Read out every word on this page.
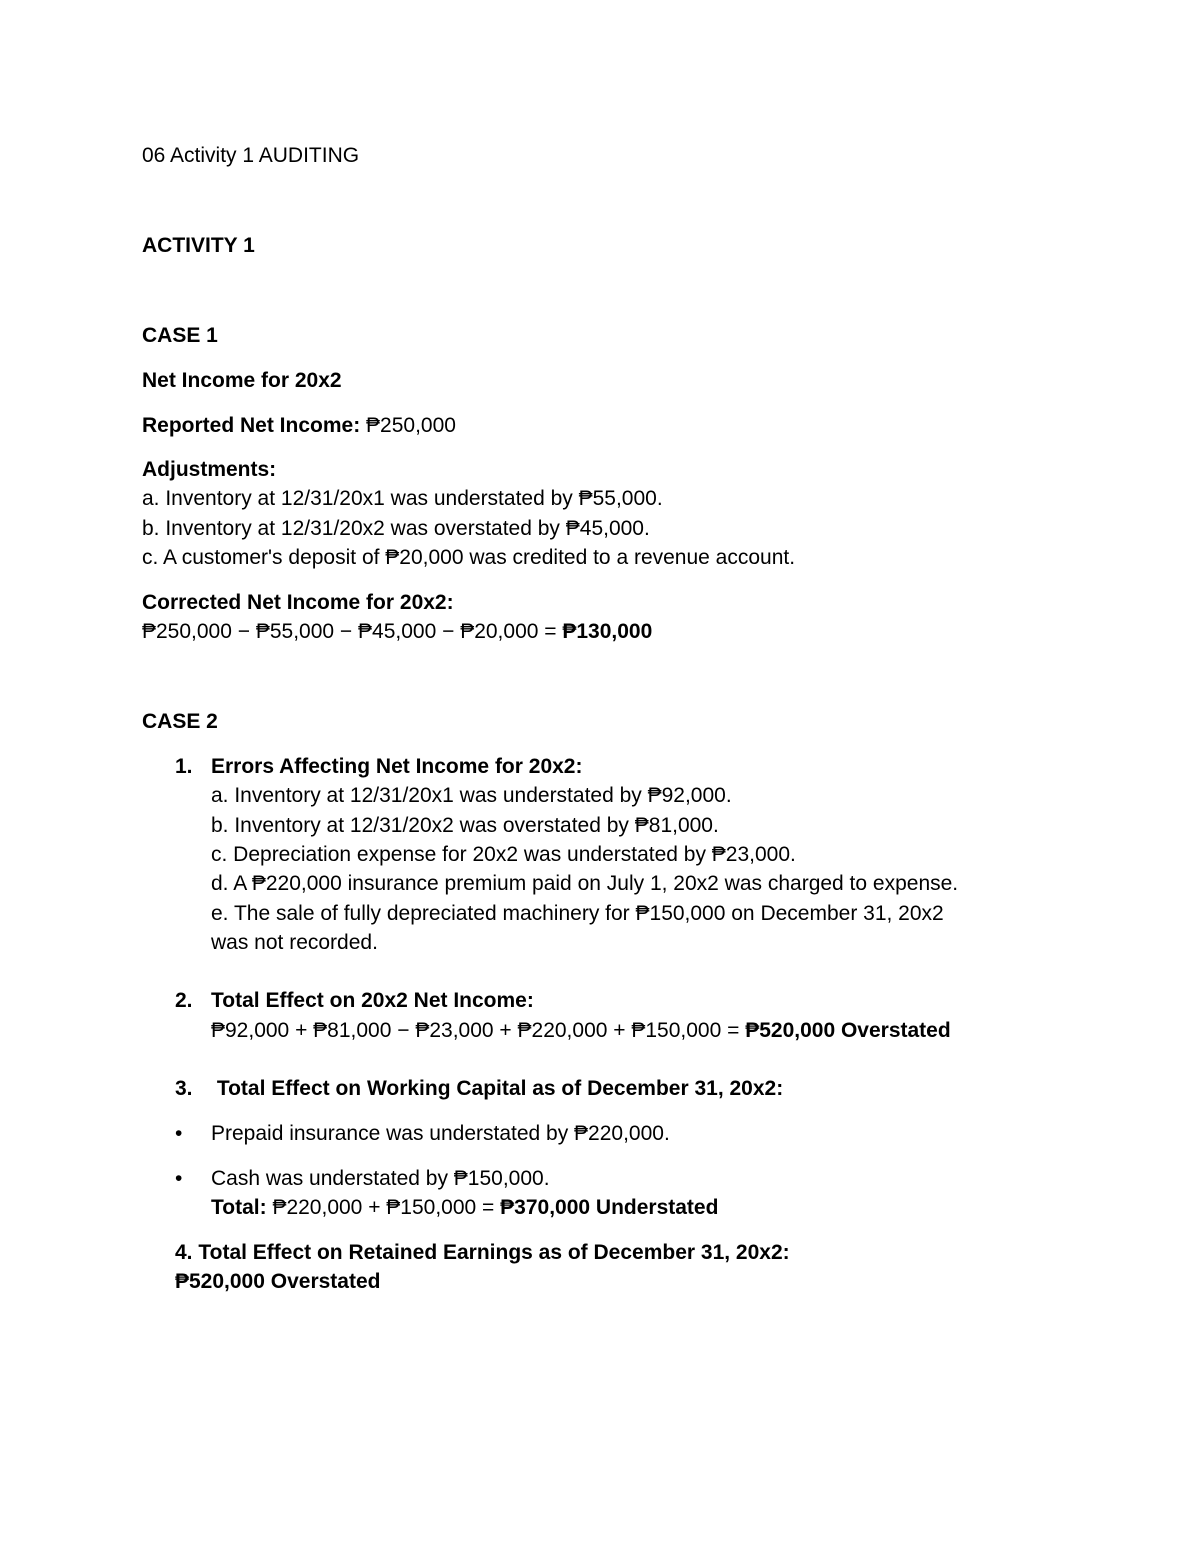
06 Activity 1 AUDITING
ACTIVITY 1
CASE 1
Net Income for 20x2
Reported Net Income: ₱250,000
Adjustments:
a. Inventory at 12/31/20x1 was understated by ₱55,000.
b. Inventory at 12/31/20x2 was overstated by ₱45,000.
c. A customer's deposit of ₱20,000 was credited to a revenue account.
Corrected Net Income for 20x2:
₱250,000 − ₱55,000 − ₱45,000 − ₱20,000 = ₱130,000
CASE 2
1. Errors Affecting Net Income for 20x2:
a. Inventory at 12/31/20x1 was understated by ₱92,000.
b. Inventory at 12/31/20x2 was overstated by ₱81,000.
c. Depreciation expense for 20x2 was understated by ₱23,000.
d. A ₱220,000 insurance premium paid on July 1, 20x2 was charged to expense.
e. The sale of fully depreciated machinery for ₱150,000 on December 31, 20x2
was not recorded.
2. Total Effect on 20x2 Net Income:
₱92,000 + ₱81,000 − ₱23,000 + ₱220,000 + ₱150,000 = ₱520,000 Overstated
3. Total Effect on Working Capital as of December 31, 20x2:
• Prepaid insurance was understated by ₱220,000.
• Cash was understated by ₱150,000.
Total: ₱220,000 + ₱150,000 = ₱370,000 Understated
4. Total Effect on Retained Earnings as of December 31, 20x2:
₱520,000 Overstated
